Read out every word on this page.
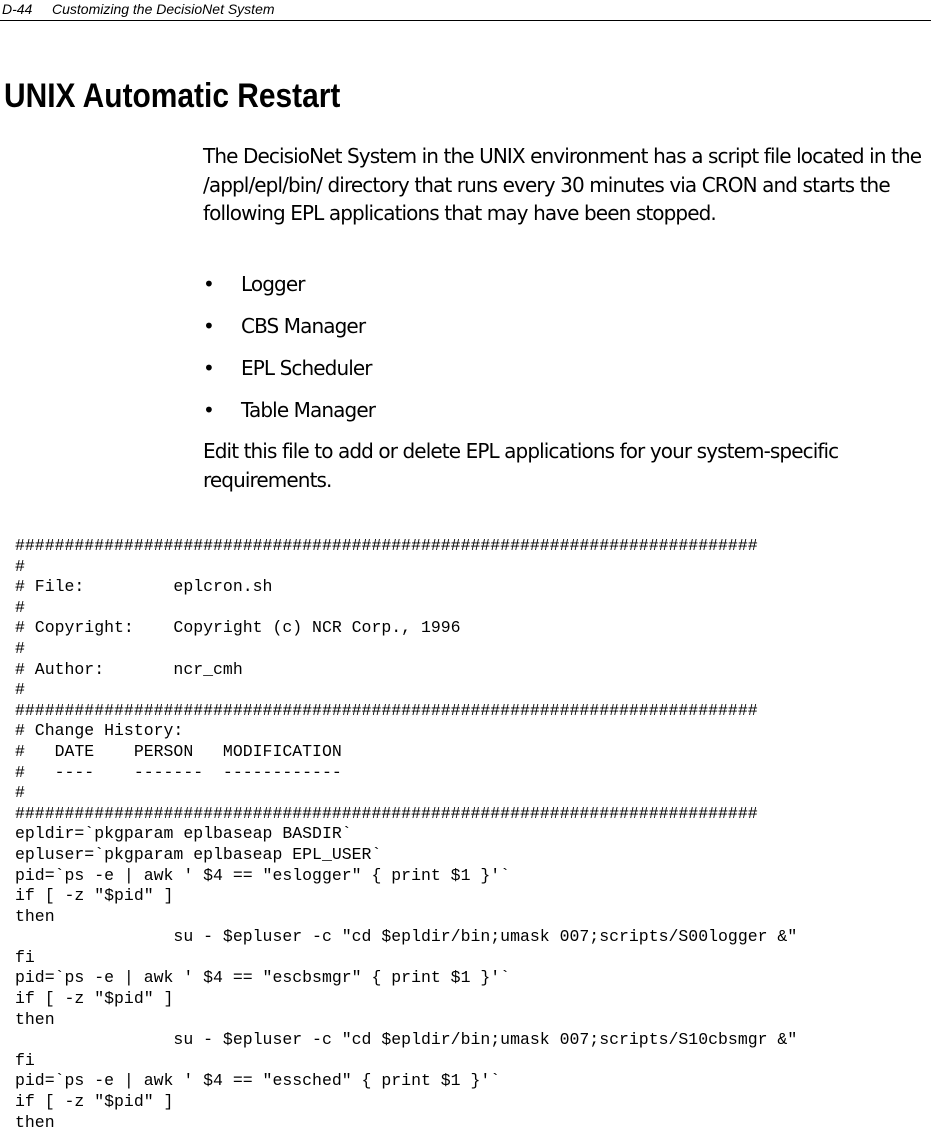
D-44 Customizing the DecisioNet System
UNIX Automatic Restart

The DecisioNet System in the UNIX environment has a script file located in the /appl/epl/bin/ directory that runs every 30 minutes via CRON and starts the following EPL applications that may have been stopped.

• Logger
• CBS Manager
• EPL Scheduler
• Table Manager

Edit this file to add or delete EPL applications for your system-specific requirements.

###########################################################################
#
# File:         eplcron.sh
#
# Copyright:    Copyright (c) NCR Corp., 1996
#
# Author:       ncr_cmh
#
###########################################################################
# Change History:
#   DATE    PERSON   MODIFICATION
#   ----    -------  ------------
#
###########################################################################
epldir=`pkgparam eplbaseap BASDIR`
epluser=`pkgparam eplbaseap EPL_USER`
pid=`ps -e | awk ' $4 == "eslogger" { print $1 }'`
if [ -z "$pid" ]
then
su - $epluser -c "cd $epldir/bin;umask 007;scripts/S00logger &"
fi
pid=`ps -e | awk ' $4 == "escbsmgr" { print $1 }'`
if [ -z "$pid" ]
then
su - $epluser -c "cd $epldir/bin;umask 007;scripts/S10cbsmgr &"
fi
pid=`ps -e | awk ' $4 == "essched" { print $1 }'`
if [ -z "$pid" ]
then
